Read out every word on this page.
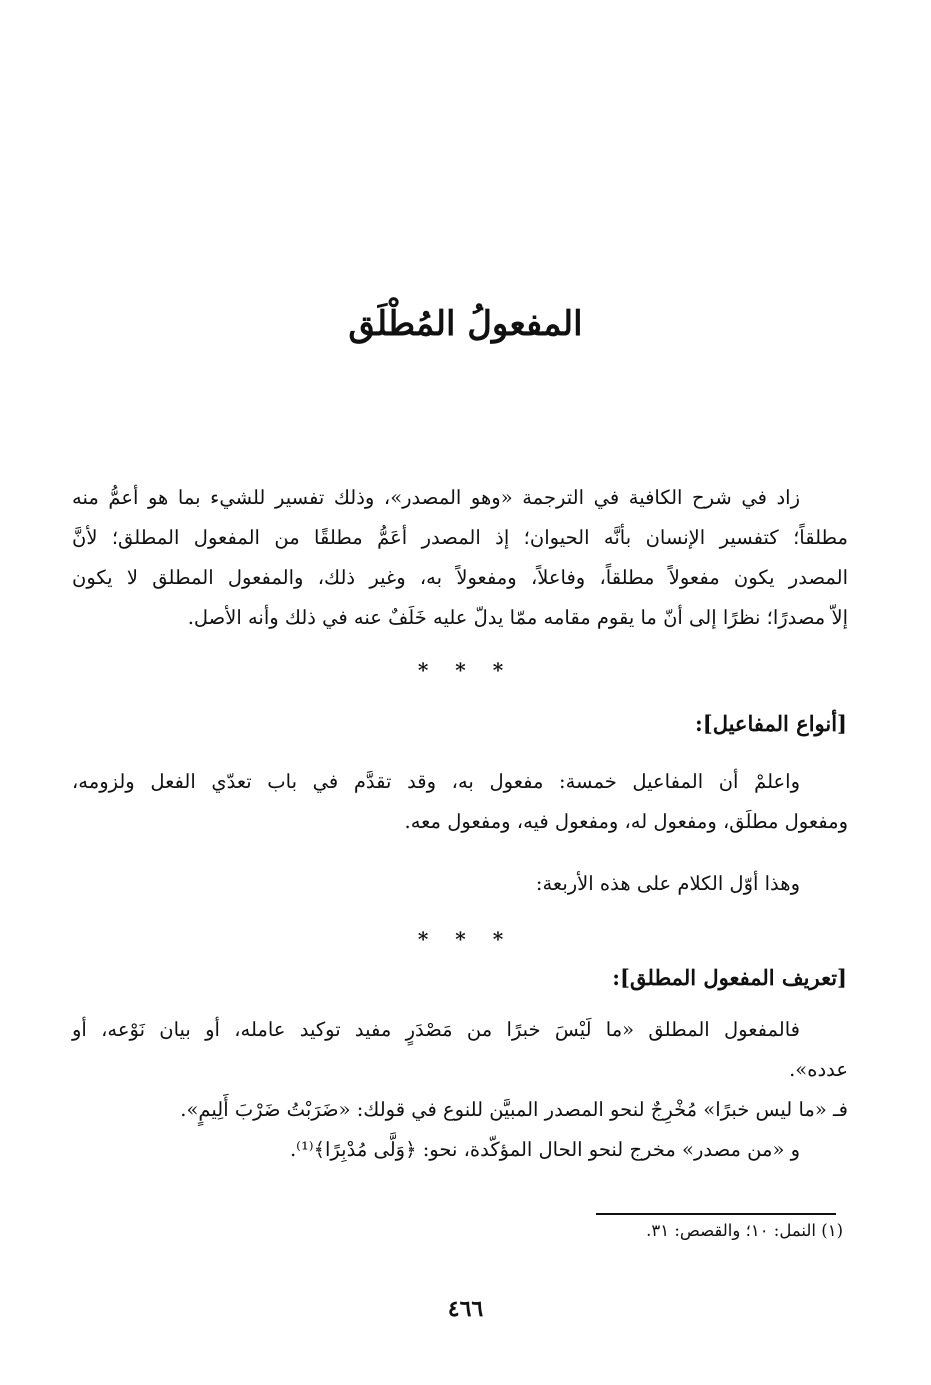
المفعولُ المُطْلَق
زاد في شرح الكافية في الترجمة «وهو المصدر»، وذلك تفسير للشيء بما هو أعمُّ منه
مطلقاً؛ كتفسير الإنسان بأنَّه الحيوان؛ إذ المصدر أعَمُّ مطلقًا من المفعول المطلق؛ لأنَّ
المصدر يكون مفعولاً مطلقاً، وفاعلاً، ومفعولاً به، وغير ذلك، والمفعول المطلق لا يكون
إلاّ مصدرًا؛ نظرًا إلى أنّ ما يقوم مقامه ممّا يدلّ عليه خَلَفٌ عنه في ذلك وأنه الأصل.
* * *
[أنواع المفاعيل]:
واعلمْ أن المفاعيل خمسة: مفعول به، وقد تقدَّم في باب تعدّي الفعل ولزومه،
ومفعول مطلَق، ومفعول له، ومفعول فيه، ومفعول معه.
وهذا أوّل الكلام على هذه الأربعة:
* * *
[تعريف المفعول المطلق]:
فالمفعول المطلق «ما لَيْسَ خبرًا من مَصْدَرٍ مفيد توكيد عامله، أو بيان نَوْعه، أو
عدده».
فـ «ما ليس خبرًا» مُخْرِجٌ لنحو المصدر المبيَّن للنوع في قولك: «ضَرَبْتُ ضَرْبَ أَلِيمٍ».
و «من مصدر» مخرج لنحو الحال المؤكّدة، نحو: ﴿وَلَّى مُدْبِرًا﴾⁽¹⁾.
(١) النمل: ١٠؛ والقصص: ٣١.
٤٦٦
